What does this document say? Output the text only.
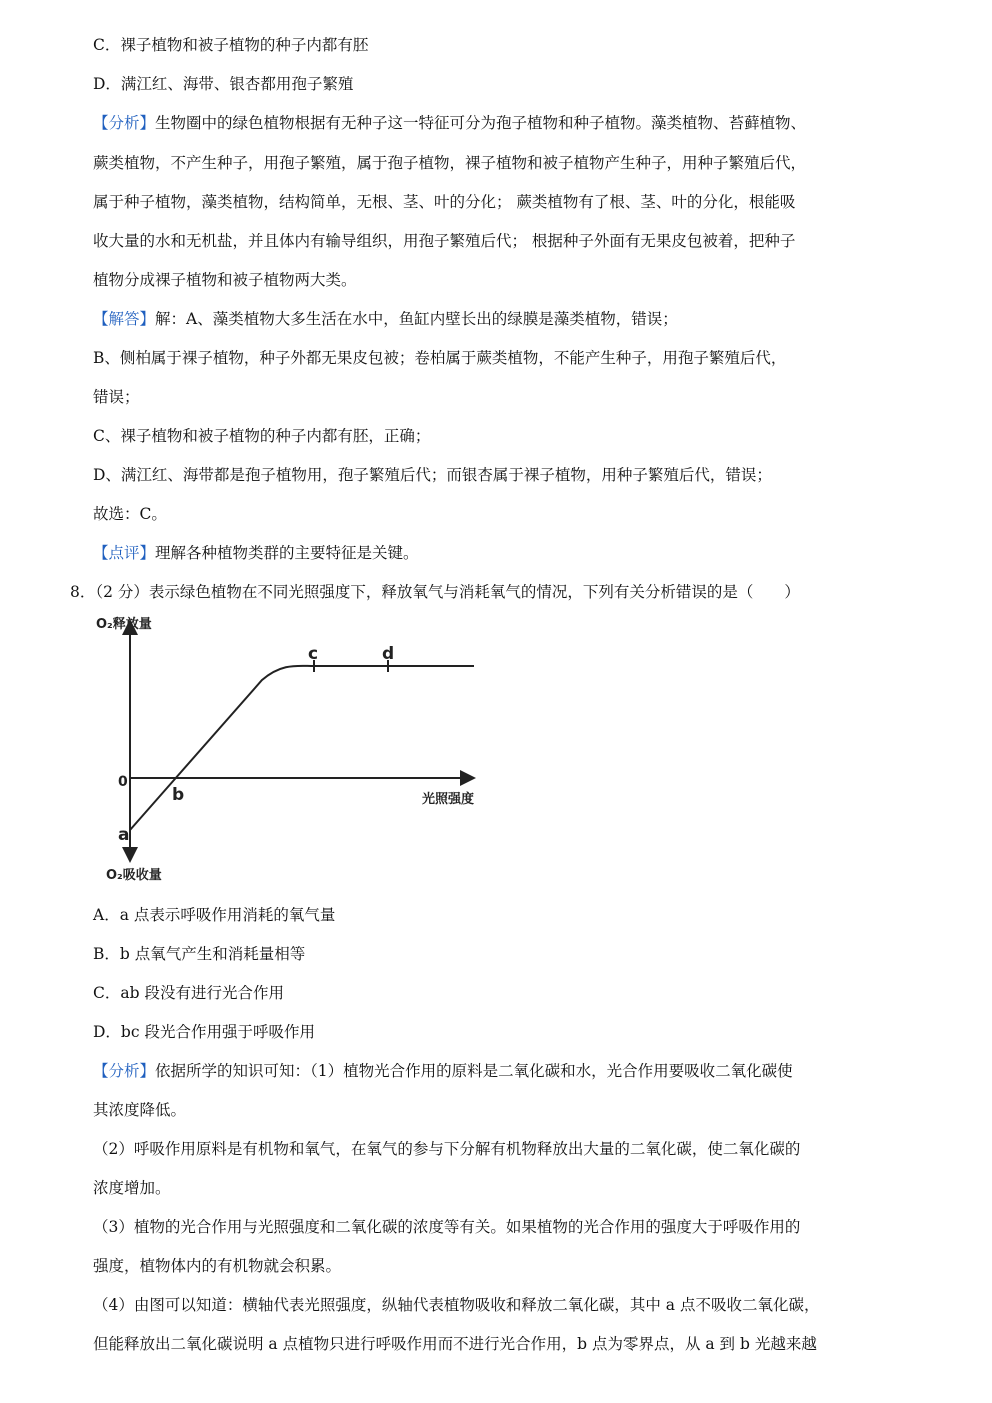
C．裸子植物和被子植物的种子内都有胚
D．满江红、海带、银杏都用孢子繁殖
【分析】生物圈中的绿色植物根据有无种子这一特征可分为孢子植物和种子植物。藻类植物、苔藓植物、
蕨类植物，不产生种子，用孢子繁殖，属于孢子植物，裸子植物和被子植物产生种子，用种子繁殖后代，
属于种子植物，藻类植物，结构简单，无根、茎、叶的分化； 蕨类植物有了根、茎、叶的分化，根能吸
收大量的水和无机盐，并且体内有输导组织，用孢子繁殖后代； 根据种子外面有无果皮包被着，把种子
植物分成裸子植物和被子植物两大类。
【解答】解：A、藻类植物大多生活在水中，鱼缸内壁长出的绿膜是藻类植物，错误；
B、侧柏属于裸子植物，种子外都无果皮包被；卷柏属于蕨类植物，不能产生种子，用孢子繁殖后代，
错误；
C、裸子植物和被子植物的种子内都有胚，正确；
D、满江红、海带都是孢子植物用，孢子繁殖后代；而银杏属于裸子植物，用种子繁殖后代，错误；
故选：C。
【点评】理解各种植物类群的主要特征是关键。
8．（2 分）表示绿色植物在不同光照强度下，释放氧气与消耗氧气的情况，下列有关分析错误的是（　　）
O₂释放量
O₂吸收量
光照强度
0
a
b
c	d
A．a 点表示呼吸作用消耗的氧气量
B．b 点氧气产生和消耗量相等
C．ab 段没有进行光合作用
D．bc 段光合作用强于呼吸作用
【分析】依据所学的知识可知：（1）植物光合作用的原料是二氧化碳和水，光合作用要吸收二氧化碳使
其浓度降低。
（2）呼吸作用原料是有机物和氧气，在氧气的参与下分解有机物释放出大量的二氧化碳，使二氧化碳的
浓度增加。
（3）植物的光合作用与光照强度和二氧化碳的浓度等有关。如果植物的光合作用的强度大于呼吸作用的
强度，植物体内的有机物就会积累。
（4）由图可以知道：横轴代表光照强度，纵轴代表植物吸收和释放二氧化碳，其中 a 点不吸收二氧化碳，
但能释放出二氧化碳说明 a 点植物只进行呼吸作用而不进行光合作用，b 点为零界点，从 a 到 b 光越来越
